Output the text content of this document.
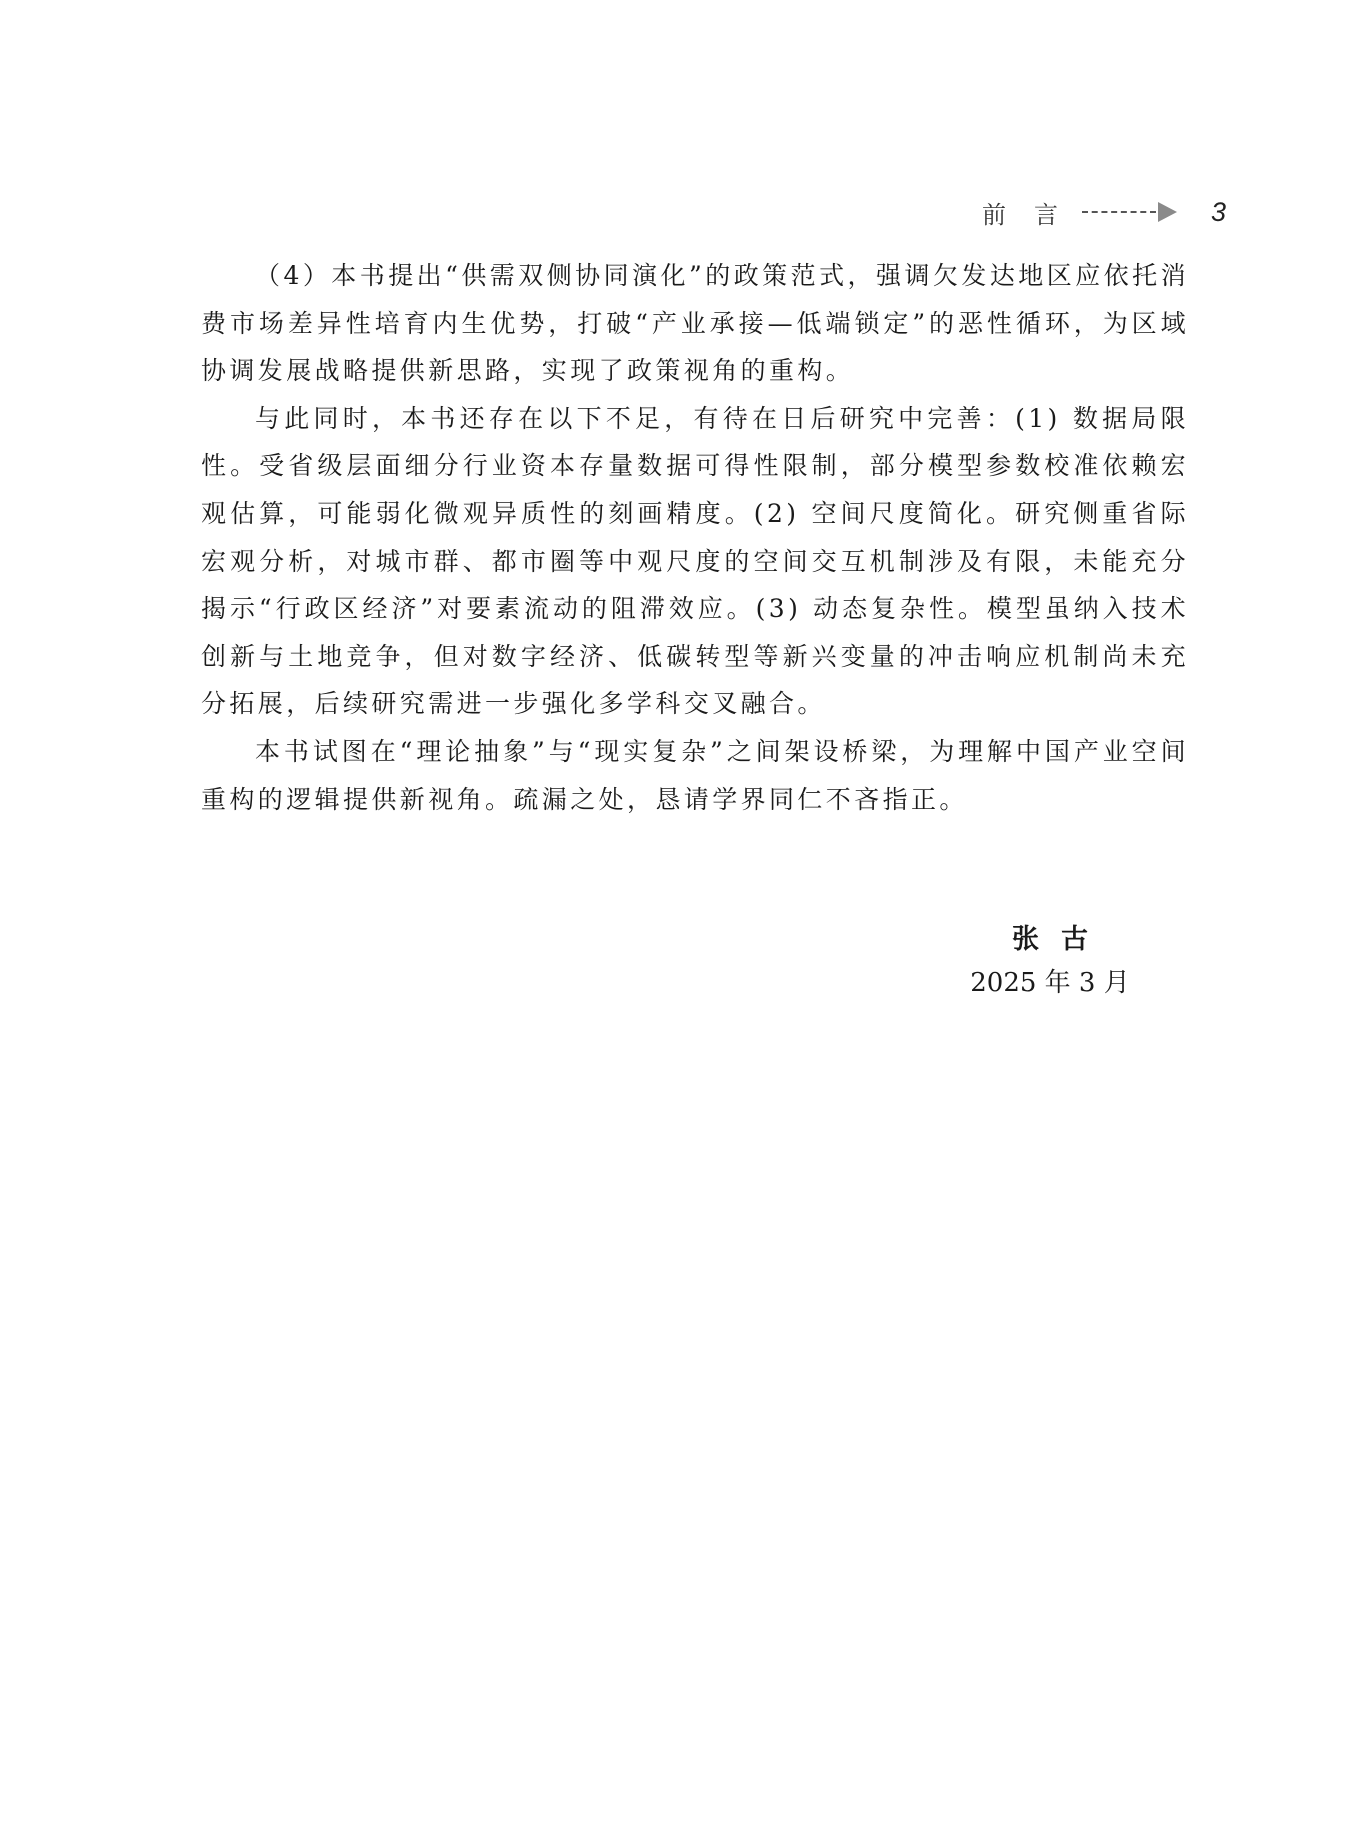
前言	3

（4）本书提出“供需双侧协同演化”的政策范式，强调欠发达地区应依托消费市场差异性培育内生优势，打破“产业承接—低端锁定”的恶性循环，为区域协调发展战略提供新思路，实现了政策视角的重构。

与此同时，本书还存在以下不足，有待在日后研究中完善：(1) 数据局限性。受省级层面细分行业资本存量数据可得性限制，部分模型参数校准依赖宏观估算，可能弱化微观异质性的刻画精度。(2) 空间尺度简化。研究侧重省际宏观分析，对城市群、都市圈等中观尺度的空间交互机制涉及有限，未能充分揭示“行政区经济”对要素流动的阻滞效应。(3) 动态复杂性。模型虽纳入技术创新与土地竞争，但对数字经济、低碳转型等新兴变量的冲击响应机制尚未充分拓展，后续研究需进一步强化多学科交叉融合。

本书试图在“理论抽象”与“现实复杂”之间架设桥梁，为理解中国产业空间重构的逻辑提供新视角。疏漏之处，恳请学界同仁不吝指正。

张古
2025 年 3 月
